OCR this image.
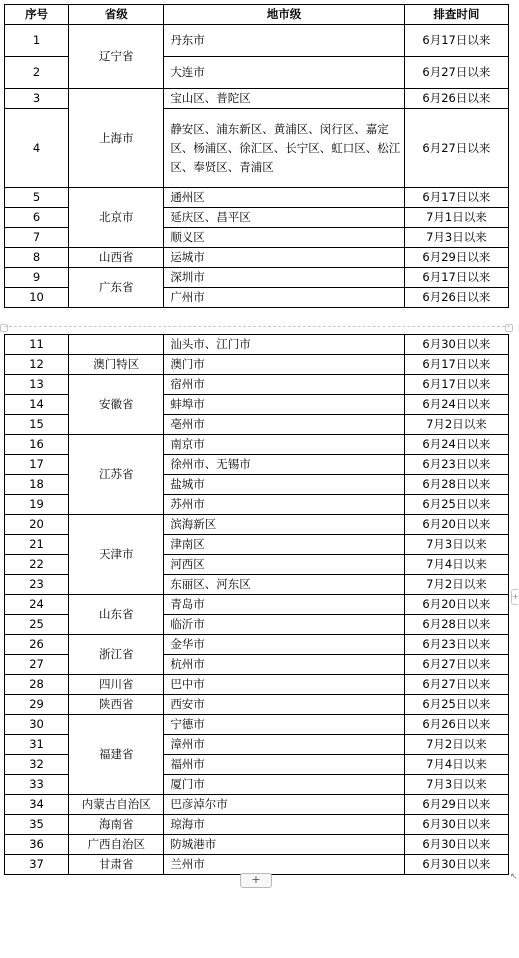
序号	省级	地市级	排查时间
1	辽宁省	丹东市	6月17日以来
2		大连市	6月27日以来
3	上海市	宝山区、普陀区	6月26日以来
4		静安区、浦东新区、黄浦区、闵行区、嘉定区、杨浦区、徐汇区、长宁区、虹口区、松江区、奉贤区、青浦区	6月27日以来
5	北京市	通州区	6月17日以来
6		延庆区、昌平区	7月1日以来
7		顺义区	7月3日以来
8	山西省	运城市	6月29日以来
9	广东省	深圳市	6月17日以来
10		广州市	6月26日以来
11		汕头市、江门市	6月30日以来
12	澳门特区	澳门市	6月17日以来
13	安徽省	宿州市	6月17日以来
14		蚌埠市	6月24日以来
15		亳州市	7月2日以来
16	江苏省	南京市	6月24日以来
17		徐州市、无锡市	6月23日以来
18		盐城市	6月28日以来
19		苏州市	6月25日以来
20	天津市	滨海新区	6月20日以来
21		津南区	7月3日以来
22		河西区	7月4日以来
23		东丽区、河东区	7月2日以来
24	山东省	青岛市	6月20日以来
25		临沂市	6月28日以来
26	浙江省	金华市	6月23日以来
27		杭州市	6月27日以来
28	四川省	巴中市	6月27日以来
29	陕西省	西安市	6月25日以来
30	福建省	宁德市	6月26日以来
31		漳州市	7月2日以来
32		福州市	7月4日以来
33		厦门市	7月3日以来
34	内蒙古自治区	巴彦淖尔市	6月29日以来
35	海南省	琼海市	6月30日以来
36	广西自治区	防城港市	6月30日以来
37	甘肃省	兰州市	6月30日以来
+
↖
+
